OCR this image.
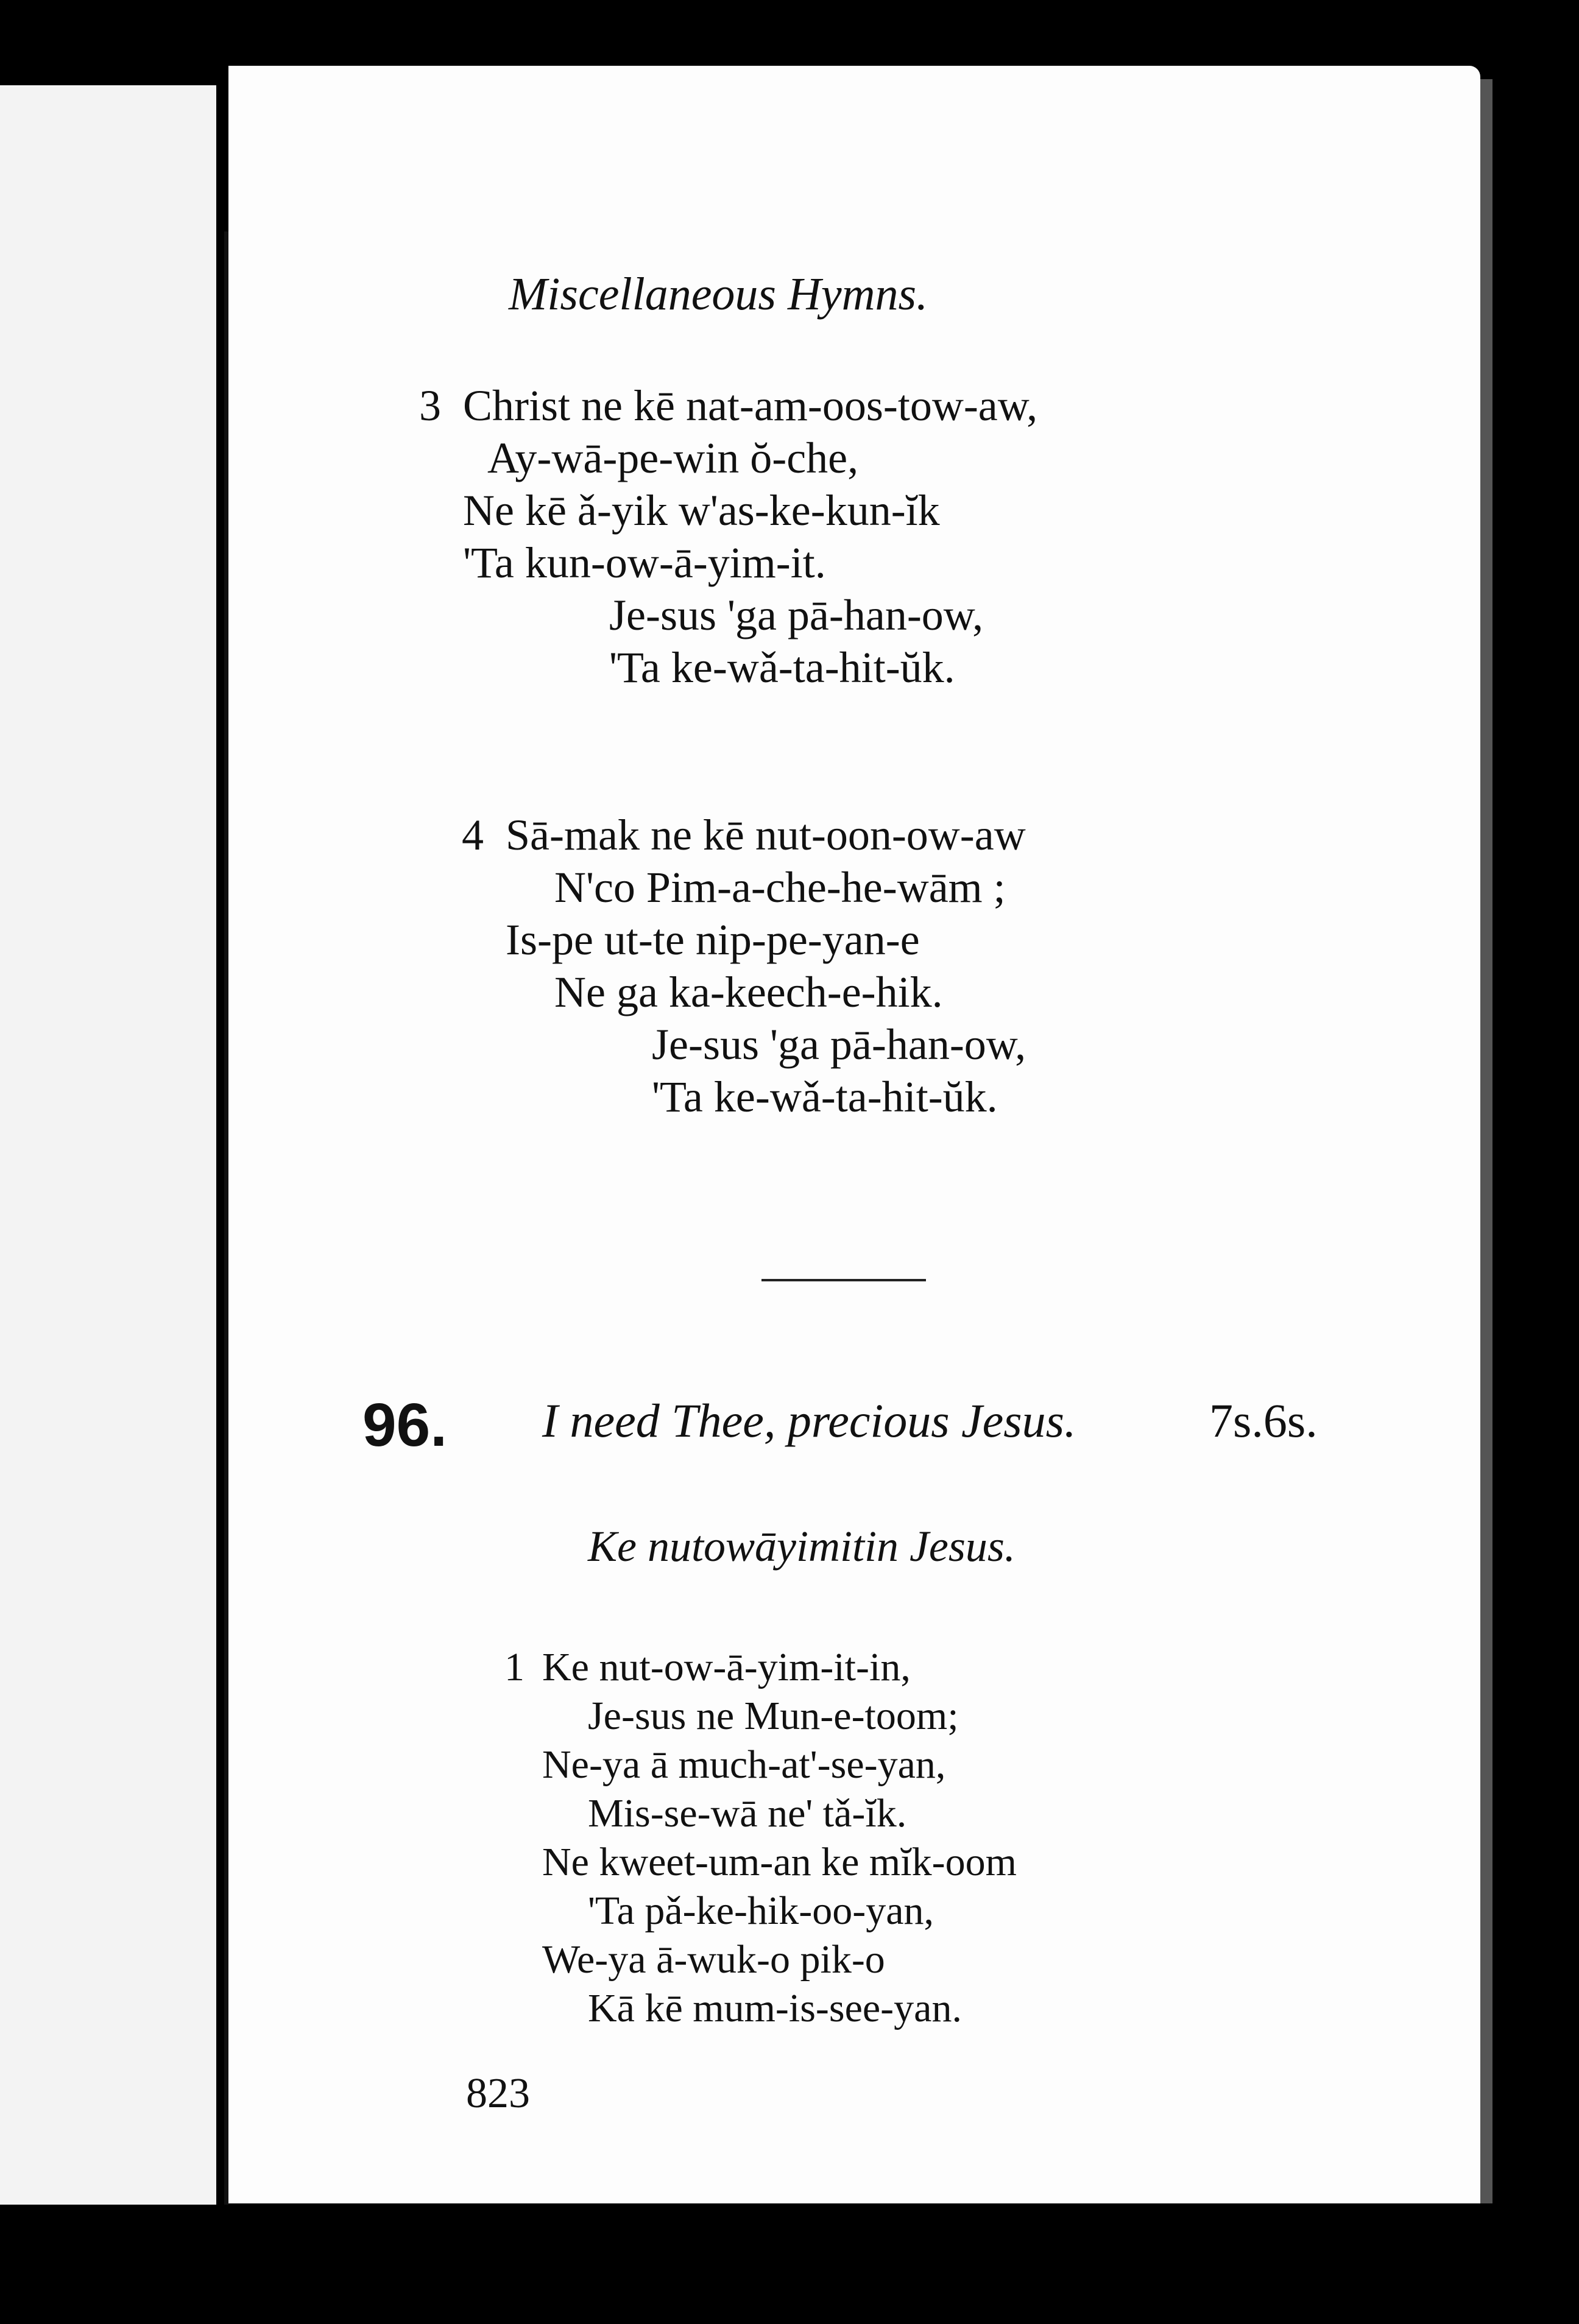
Miscellaneous Hymns.
3 Christ ne kē nat-am-oos-tow-aw,
Ay-wā-pe-win ŏ-che,
Ne kē ǎ-yik w'as-ke-kun-ĭk
'Ta kun-ow-ā-yim-it.
Je-sus 'ga pā-han-ow,
'Ta ke-wǎ-ta-hit-ŭk.
4 Sā-mak ne kē nut-oon-ow-aw
N'co Pim-a-che-he-wām ;
Is-pe ut-te nip-pe-yan-e
Ne ga ka-keech-e-hik.
Je-sus 'ga pā-han-ow,
'Ta ke-wǎ-ta-hit-ŭk.
96. I need Thee, precious Jesus.	7s.6s.
Ke nutowāyimitin Jesus.
1 Ke nut-ow-ā-yim-it-in,
Je-sus ne Mun-e-toom;
Ne-ya ā much-at'-se-yan,
Mis-se-wā ne' tǎ-ĭk.
Ne kweet-um-an ke mĭk-oom
'Ta pǎ-ke-hik-oo-yan,
We-ya ā-wuk-o pik-o
Kā kē mum-is-see-yan.
823
